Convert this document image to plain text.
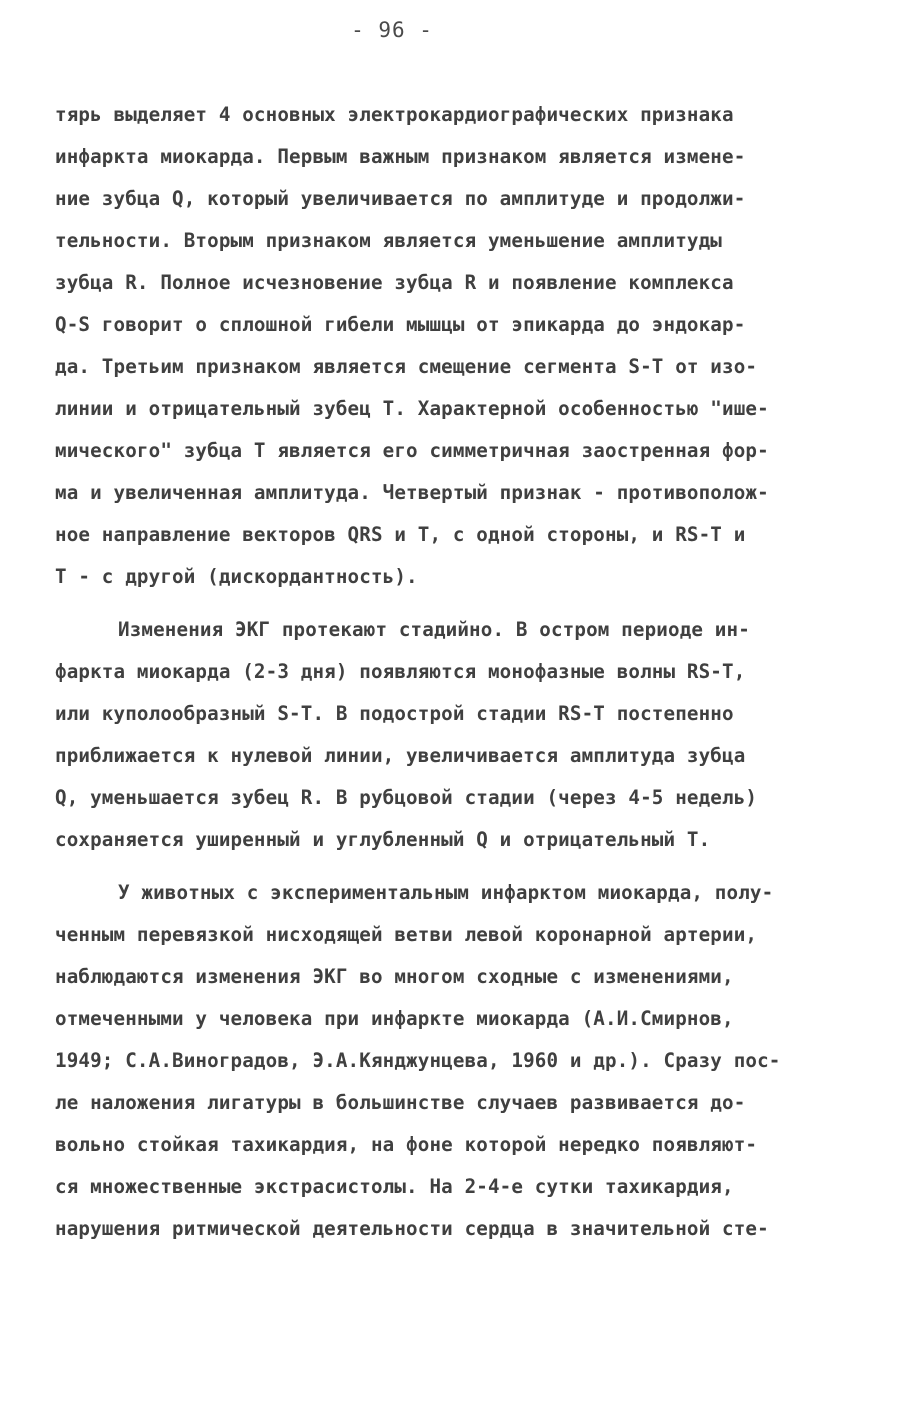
- 96 -
тярь выделяет 4 основных электрокардиографических признака
инфаркта миокарда. Первым важным признаком является измене-
ние зубца Q, который увеличивается по амплитуде и продолжи-
тельности. Вторым признаком является уменьшение амплитуды
зубца R. Полное исчезновение зубца R и появление комплекса
Q-S говорит о сплошной гибели мышцы от эпикарда до эндокар-
да. Третьим признаком является смещение сегмента S-T от изо-
линии и отрицательный зубец Т. Характерной особенностью "ише-
мического" зубца Т является его симметричная заостренная фор-
ма и увеличенная амплитуда. Четвертый признак - противополож-
ное направление векторов QRS и Т, с одной стороны, и RS-T и
Т - с другой (дискордантность).
Изменения ЭКГ протекают стадийно. В остром периоде ин-
фаркта миокарда (2-3 дня) появляются монофазные волны RS-T,
или куполообразный S-T. В подострой стадии RS-T постепенно
приближается к нулевой линии, увеличивается амплитуда зубца
Q, уменьшается зубец R. В рубцовой стадии (через 4-5 недель)
сохраняется уширенный и углубленный Q и отрицательный Т.
У животных с экспериментальным инфарктом миокарда, полу-
ченным перевязкой нисходящей ветви левой коронарной артерии,
наблюдаются изменения ЭКГ во многом сходные с изменениями,
отмеченными у человека при инфаркте миокарда (А.И.Смирнов,
1949; С.А.Виноградов, Э.А.Кянджунцева, 1960 и др.). Сразу пос-
ле наложения лигатуры в большинстве случаев развивается до-
вольно стойкая тахикардия, на фоне которой нередко появляют-
ся множественные экстрасистолы. На 2-4-е сутки тахикардия,
нарушения ритмической деятельности сердца в значительной сте-
